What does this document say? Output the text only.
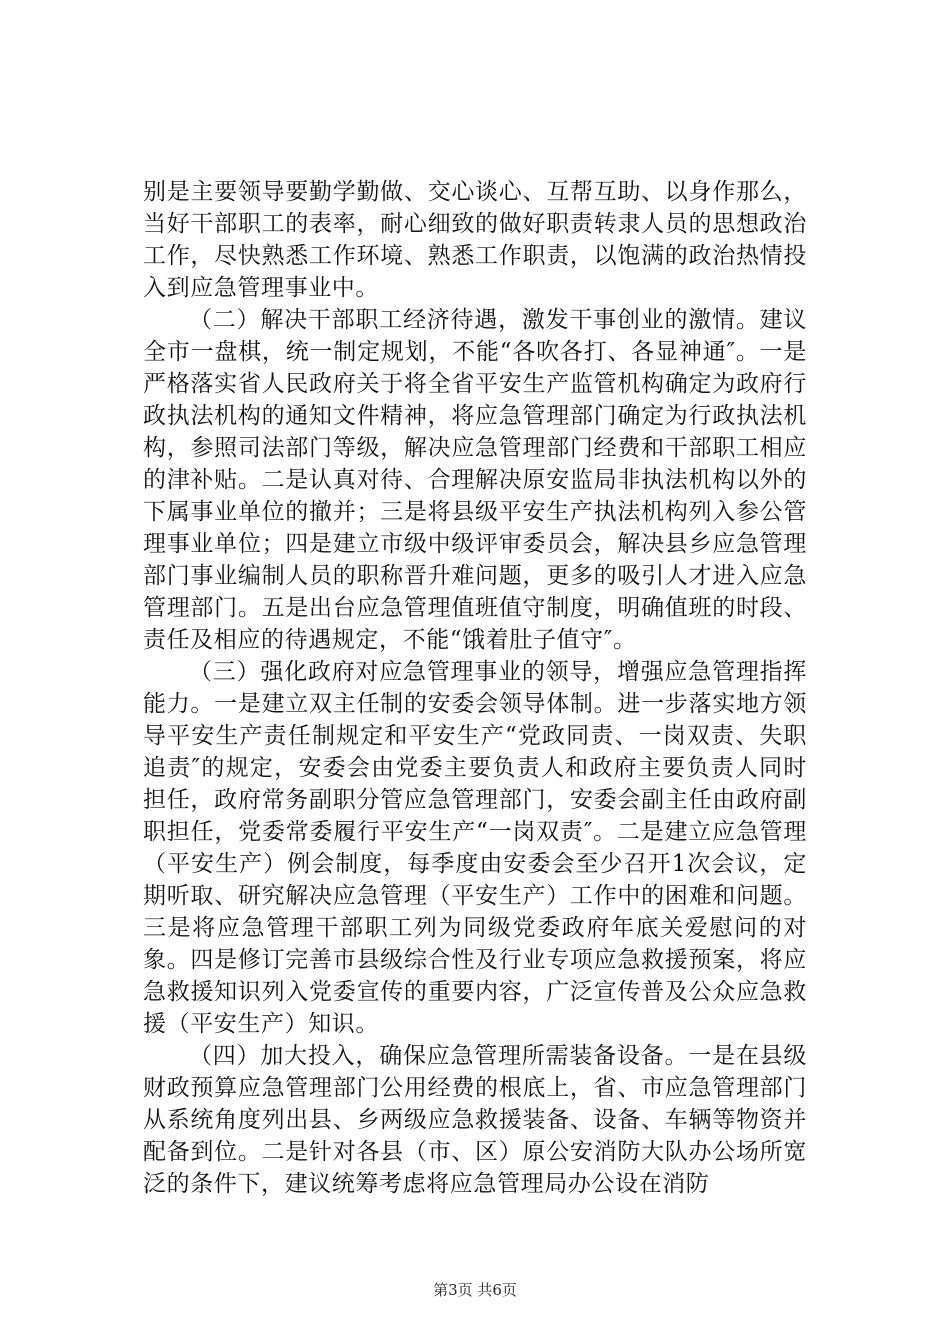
别是主要领导要勤学勤做、交心谈心、互帮互助、以身作那么，当好干部职工的表率，耐心细致的做好职责转隶人员的思想政治工作，尽快熟悉工作环境、熟悉工作职责，以饱满的政治热情投入到应急管理事业中。

（二）解决干部职工经济待遇，激发干事创业的激情。建议全市一盘棋，统一制定规划，不能“各吹各打、各显神通″。一是严格落实省人民政府关于将全省平安生产监管机构确定为政府行政执法机构的通知文件精神，将应急管理部门确定为行政执法机构，参照司法部门等级，解决应急管理部门经费和干部职工相应的津补贴。二是认真对待、合理解决原安监局非执法机构以外的下属事业单位的撤并；三是将县级平安生产执法机构列入参公管理事业单位；四是建立市级中级评审委员会，解决县乡应急管理部门事业编制人员的职称晋升难问题，更多的吸引人才进入应急管理部门。五是出台应急管理值班值守制度，明确值班的时段、责任及相应的待遇规定，不能“饿着肚子值守″。

（三）强化政府对应急管理事业的领导，增强应急管理指挥能力。一是建立双主任制的安委会领导体制。进一步落实地方领导平安生产责任制规定和平安生产“党政同责、一岗双责、失职追责″的规定，安委会由党委主要负责人和政府主要负责人同时担任，政府常务副职分管应急管理部门，安委会副主任由政府副职担任，党委常委履行平安生产“一岗双责″。二是建立应急管理（平安生产）例会制度，每季度由安委会至少召开1次会议，定期听取、研究解决应急管理（平安生产）工作中的困难和问题。三是将应急管理干部职工列为同级党委政府年底关爱慰问的对象。四是修订完善市县级综合性及行业专项应急救援预案，将应急救援知识列入党委宣传的重要内容，广泛宣传普及公众应急救援（平安生产）知识。

（四）加大投入，确保应急管理所需装备设备。一是在县级财政预算应急管理部门公用经费的根底上，省、市应急管理部门从系统角度列出县、乡两级应急救援装备、设备、车辆等物资并配备到位。二是针对各县（市、区）原公安消防大队办公场所宽泛的条件下，建议统筹考虑将应急管理局办公设在消防

第3页 共6页
